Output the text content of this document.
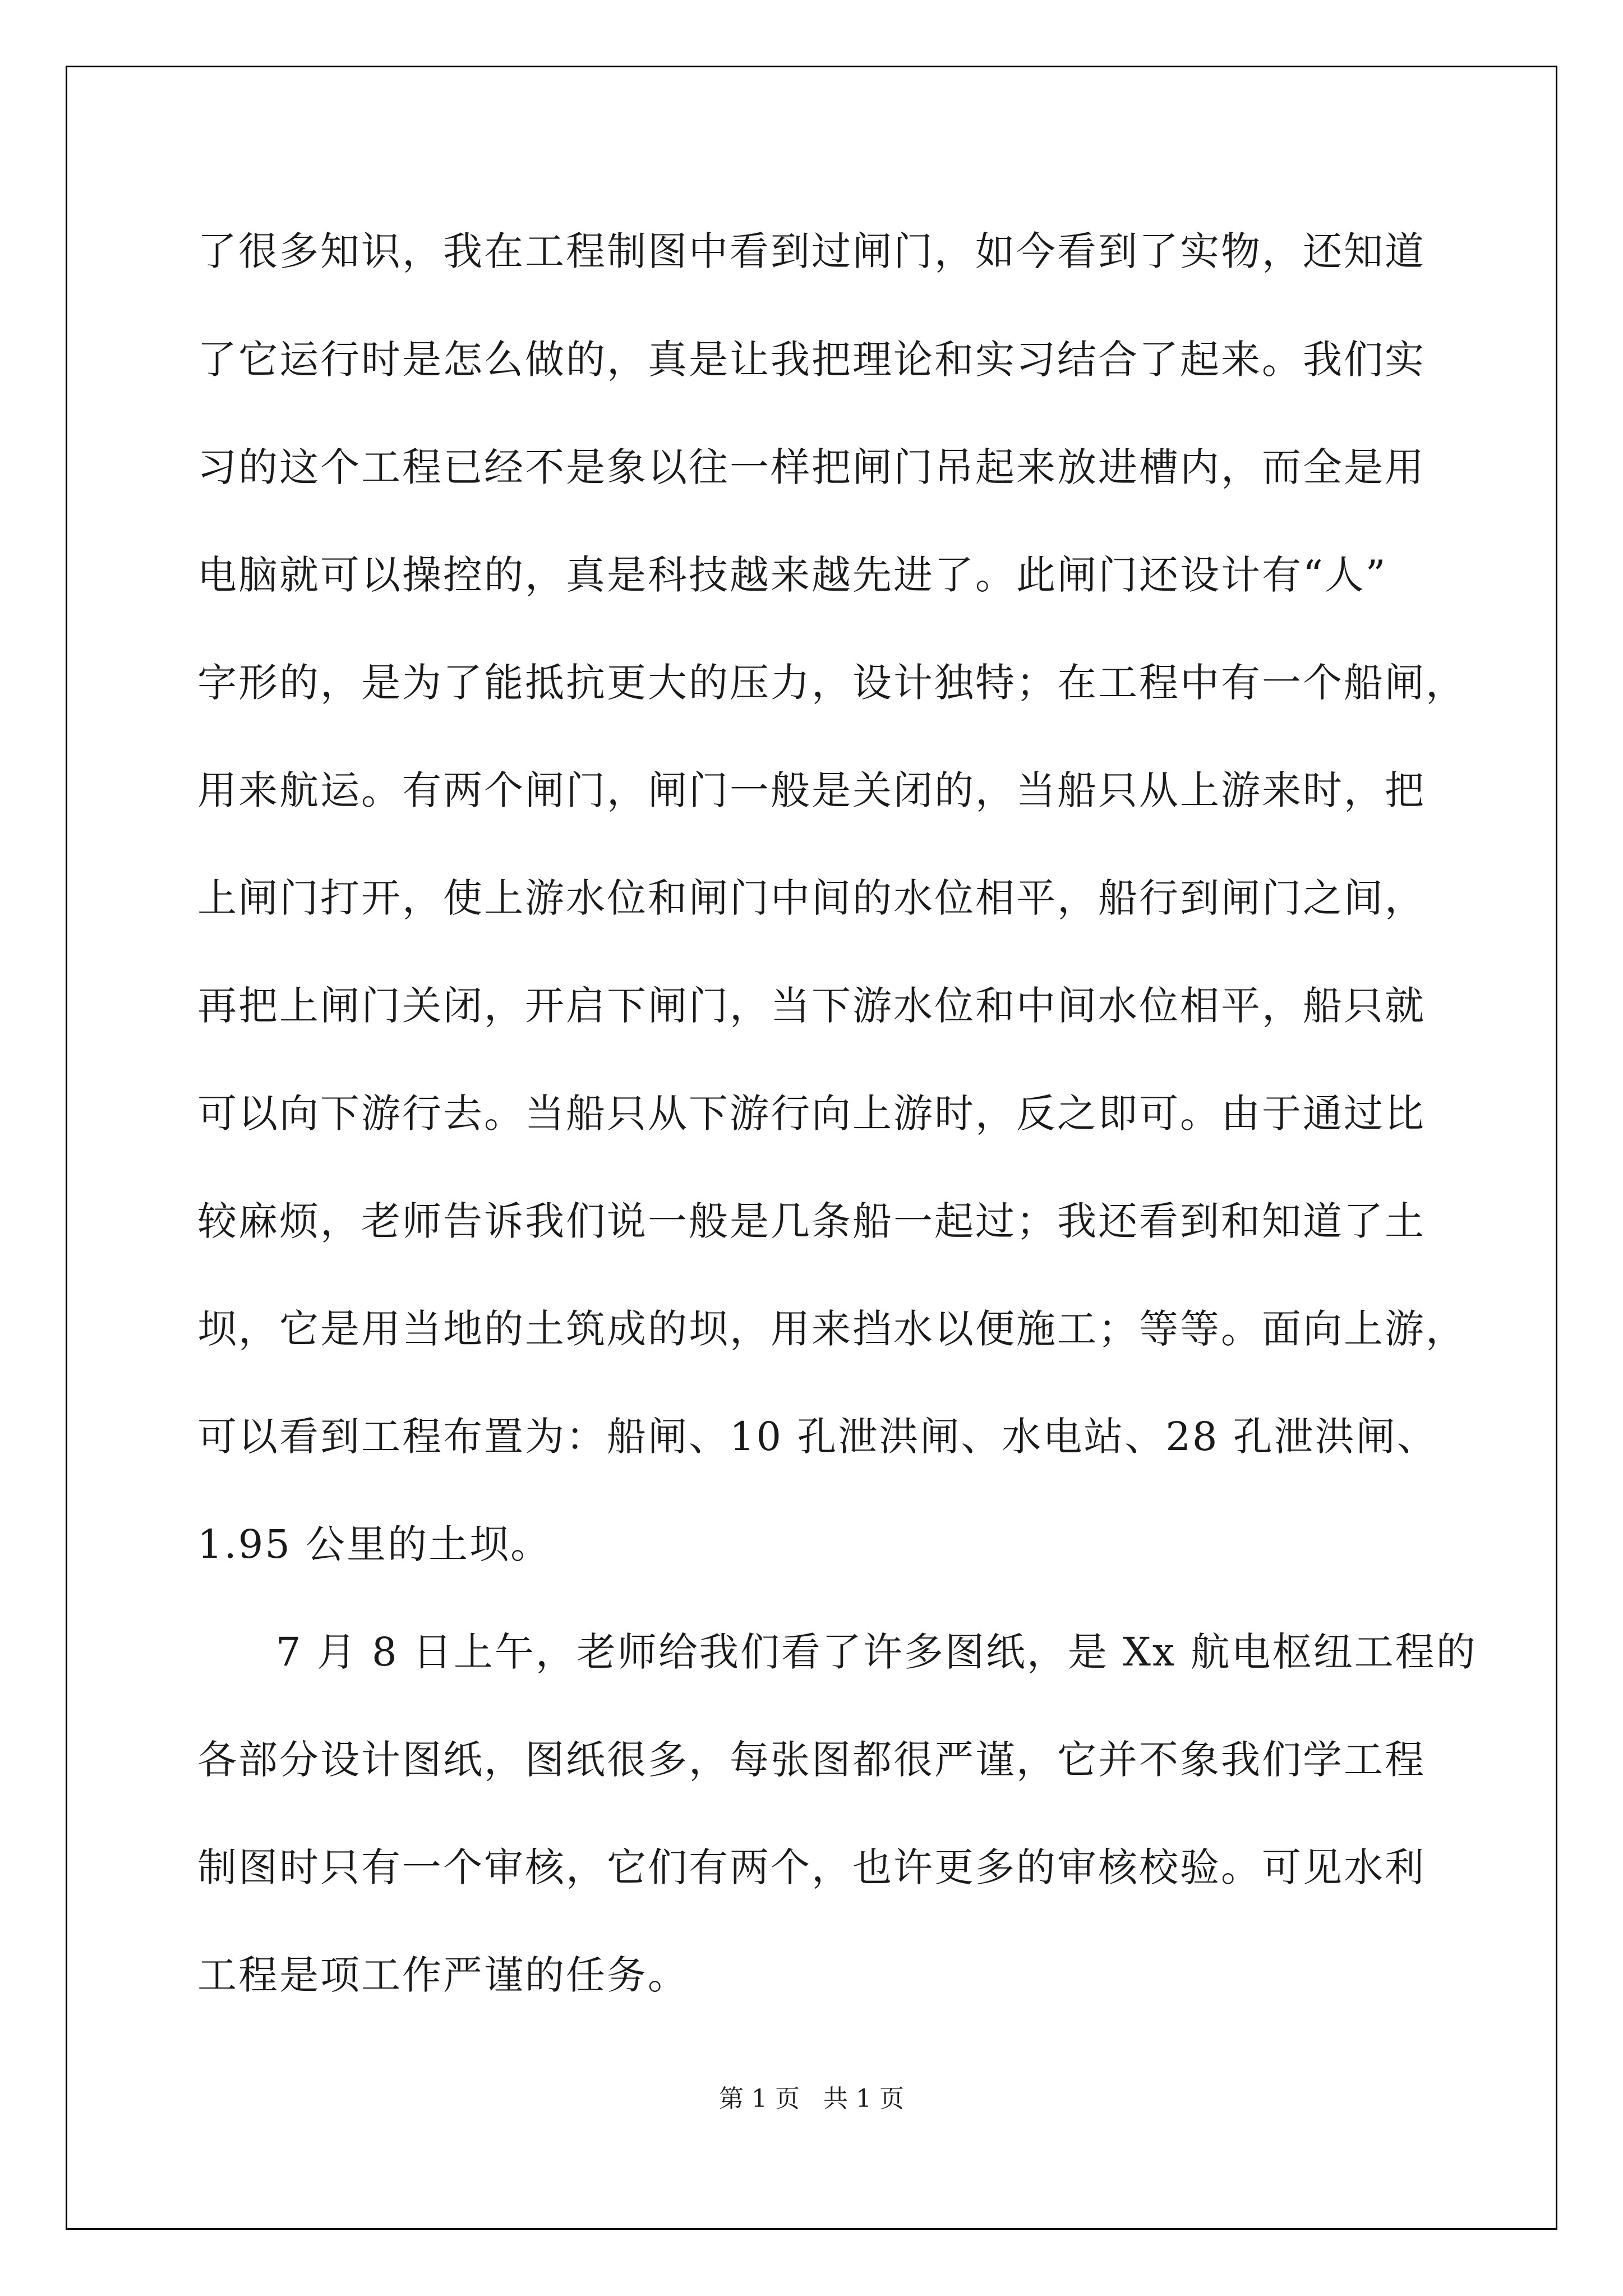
了很多知识，我在工程制图中看到过闸门，如今看到了实物，还知道

了它运行时是怎么做的，真是让我把理论和实习结合了起来。我们实

习的这个工程已经不是象以往一样把闸门吊起来放进槽内，而全是用

电脑就可以操控的，真是科技越来越先进了。此闸门还设计有“人”

字形的，是为了能抵抗更大的压力，设计独特；在工程中有一个船闸，

用来航运。有两个闸门，闸门一般是关闭的，当船只从上游来时，把

上闸门打开，使上游水位和闸门中间的水位相平，船行到闸门之间，

再把上闸门关闭，开启下闸门，当下游水位和中间水位相平，船只就

可以向下游行去。当船只从下游行向上游时，反之即可。由于通过比

较麻烦，老师告诉我们说一般是几条船一起过；我还看到和知道了土

坝，它是用当地的土筑成的坝，用来挡水以便施工；等等。面向上游，

可以看到工程布置为：船闸、10 孔泄洪闸、水电站、28 孔泄洪闸、

1.95 公里的土坝。

7 月 8 日上午，老师给我们看了许多图纸，是 Xx 航电枢纽工程的

各部分设计图纸，图纸很多，每张图都很严谨，它并不象我们学工程

制图时只有一个审核，它们有两个，也许更多的审核校验。可见水利

工程是项工作严谨的任务。

第 1 页   共 1 页
